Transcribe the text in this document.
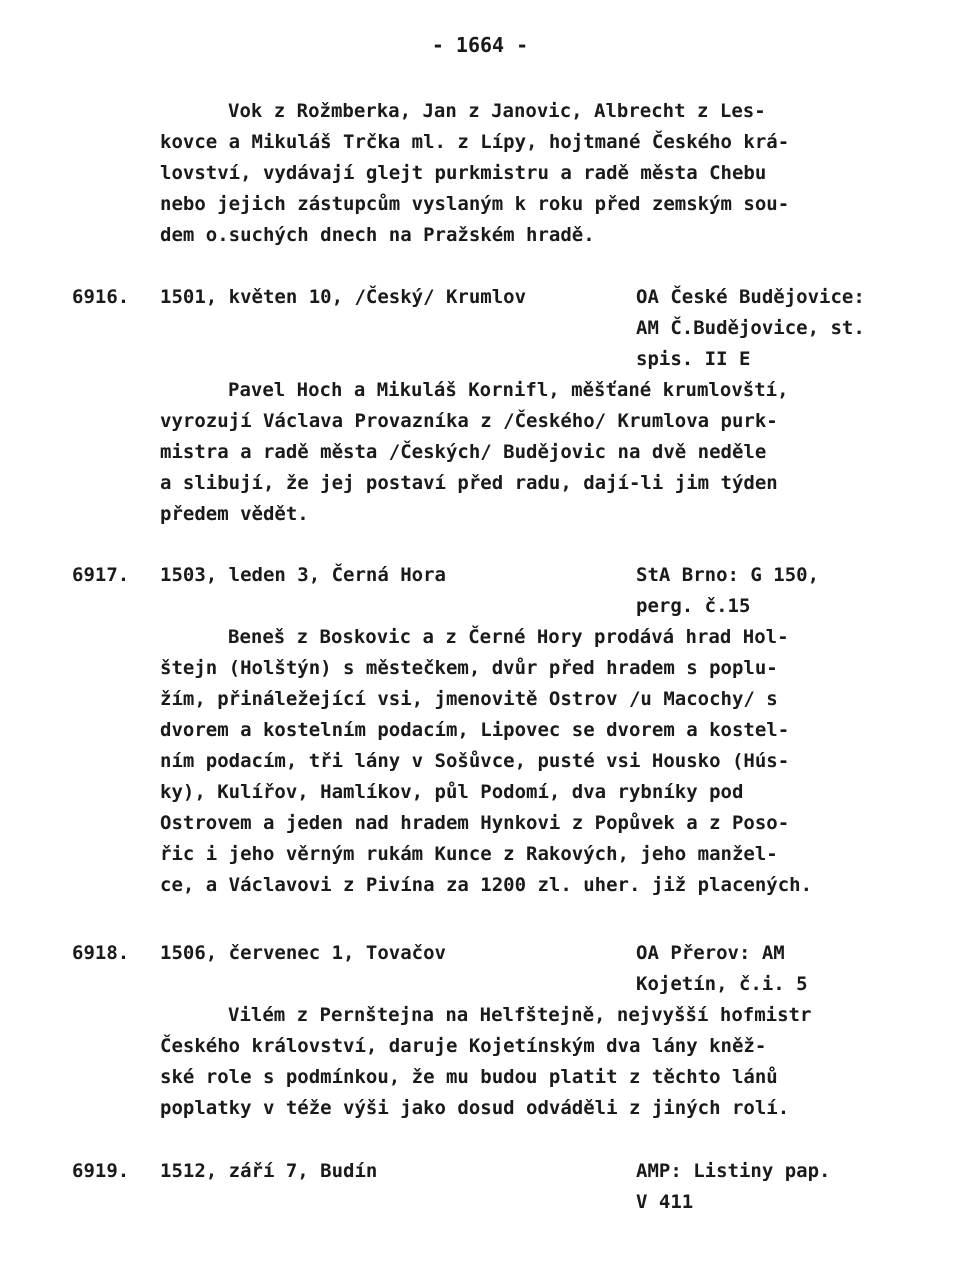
- 1664 -
Vok z Rožmberka, Jan z Janovic, Albrecht z Les-
kovce a Mikuláš Trčka ml. z Lípy, hojtmané Českého krá-
lovství, vydávají glejt purkmistru a radě města Chebu
nebo jejich zástupcům vyslaným k roku před zemským sou-
dem o.suchých dnech na Pražském hradě.
6916. 1501, květen 10, /Český/ Krumlov	OA České Budějovice:
AM Č.Budějovice, st.
spis. II E
Pavel Hoch a Mikuláš Kornifl, měšťané krumlovští,
vyrozují Václava Provazníka z /Českého/ Krumlova purk-
mistra a radě města /Českých/ Budějovic na dvě neděle
a slibují, že jej postaví před radu, dají-li jim týden
předem vědět.
6917. 1503, leden 3, Černá Hora	StA Brno: G 150,
perg. č.15
Beneš z Boskovic a z Černé Hory prodává hrad Hol-
štejn (Holštýn) s městečkem, dvůr před hradem s poplu-
žím, přináležející vsi, jmenovitě Ostrov /u Macochy/ s
dvorem a kostelním podacím, Lipovec se dvorem a kostel-
ním podacím, tři lány v Sošůvce, pusté vsi Housko (Hús-
ky), Kulířov, Hamlíkov, půl Podomí, dva rybníky pod
Ostrovem a jeden nad hradem Hynkovi z Popůvek a z Poso-
řic i jeho věrným rukám Kunce z Rakových, jeho manžel-
ce, a Václavovi z Pivína za 1200 zl. uher. již placených.
6918. 1506, červenec 1, Tovačov	OA Přerov: AM
Kojetín, č.i. 5
Vilém z Pernštejna na Helfštejně, nejvyšší hofmistr
Českého království, daruje Kojetínským dva lány kněž-
ské role s podmínkou, že mu budou platit z těchto lánů
poplatky v téže výši jako dosud odváděli z jiných rolí.
6919. 1512, září 7, Budín	AMP: Listiny pap.
V 411
